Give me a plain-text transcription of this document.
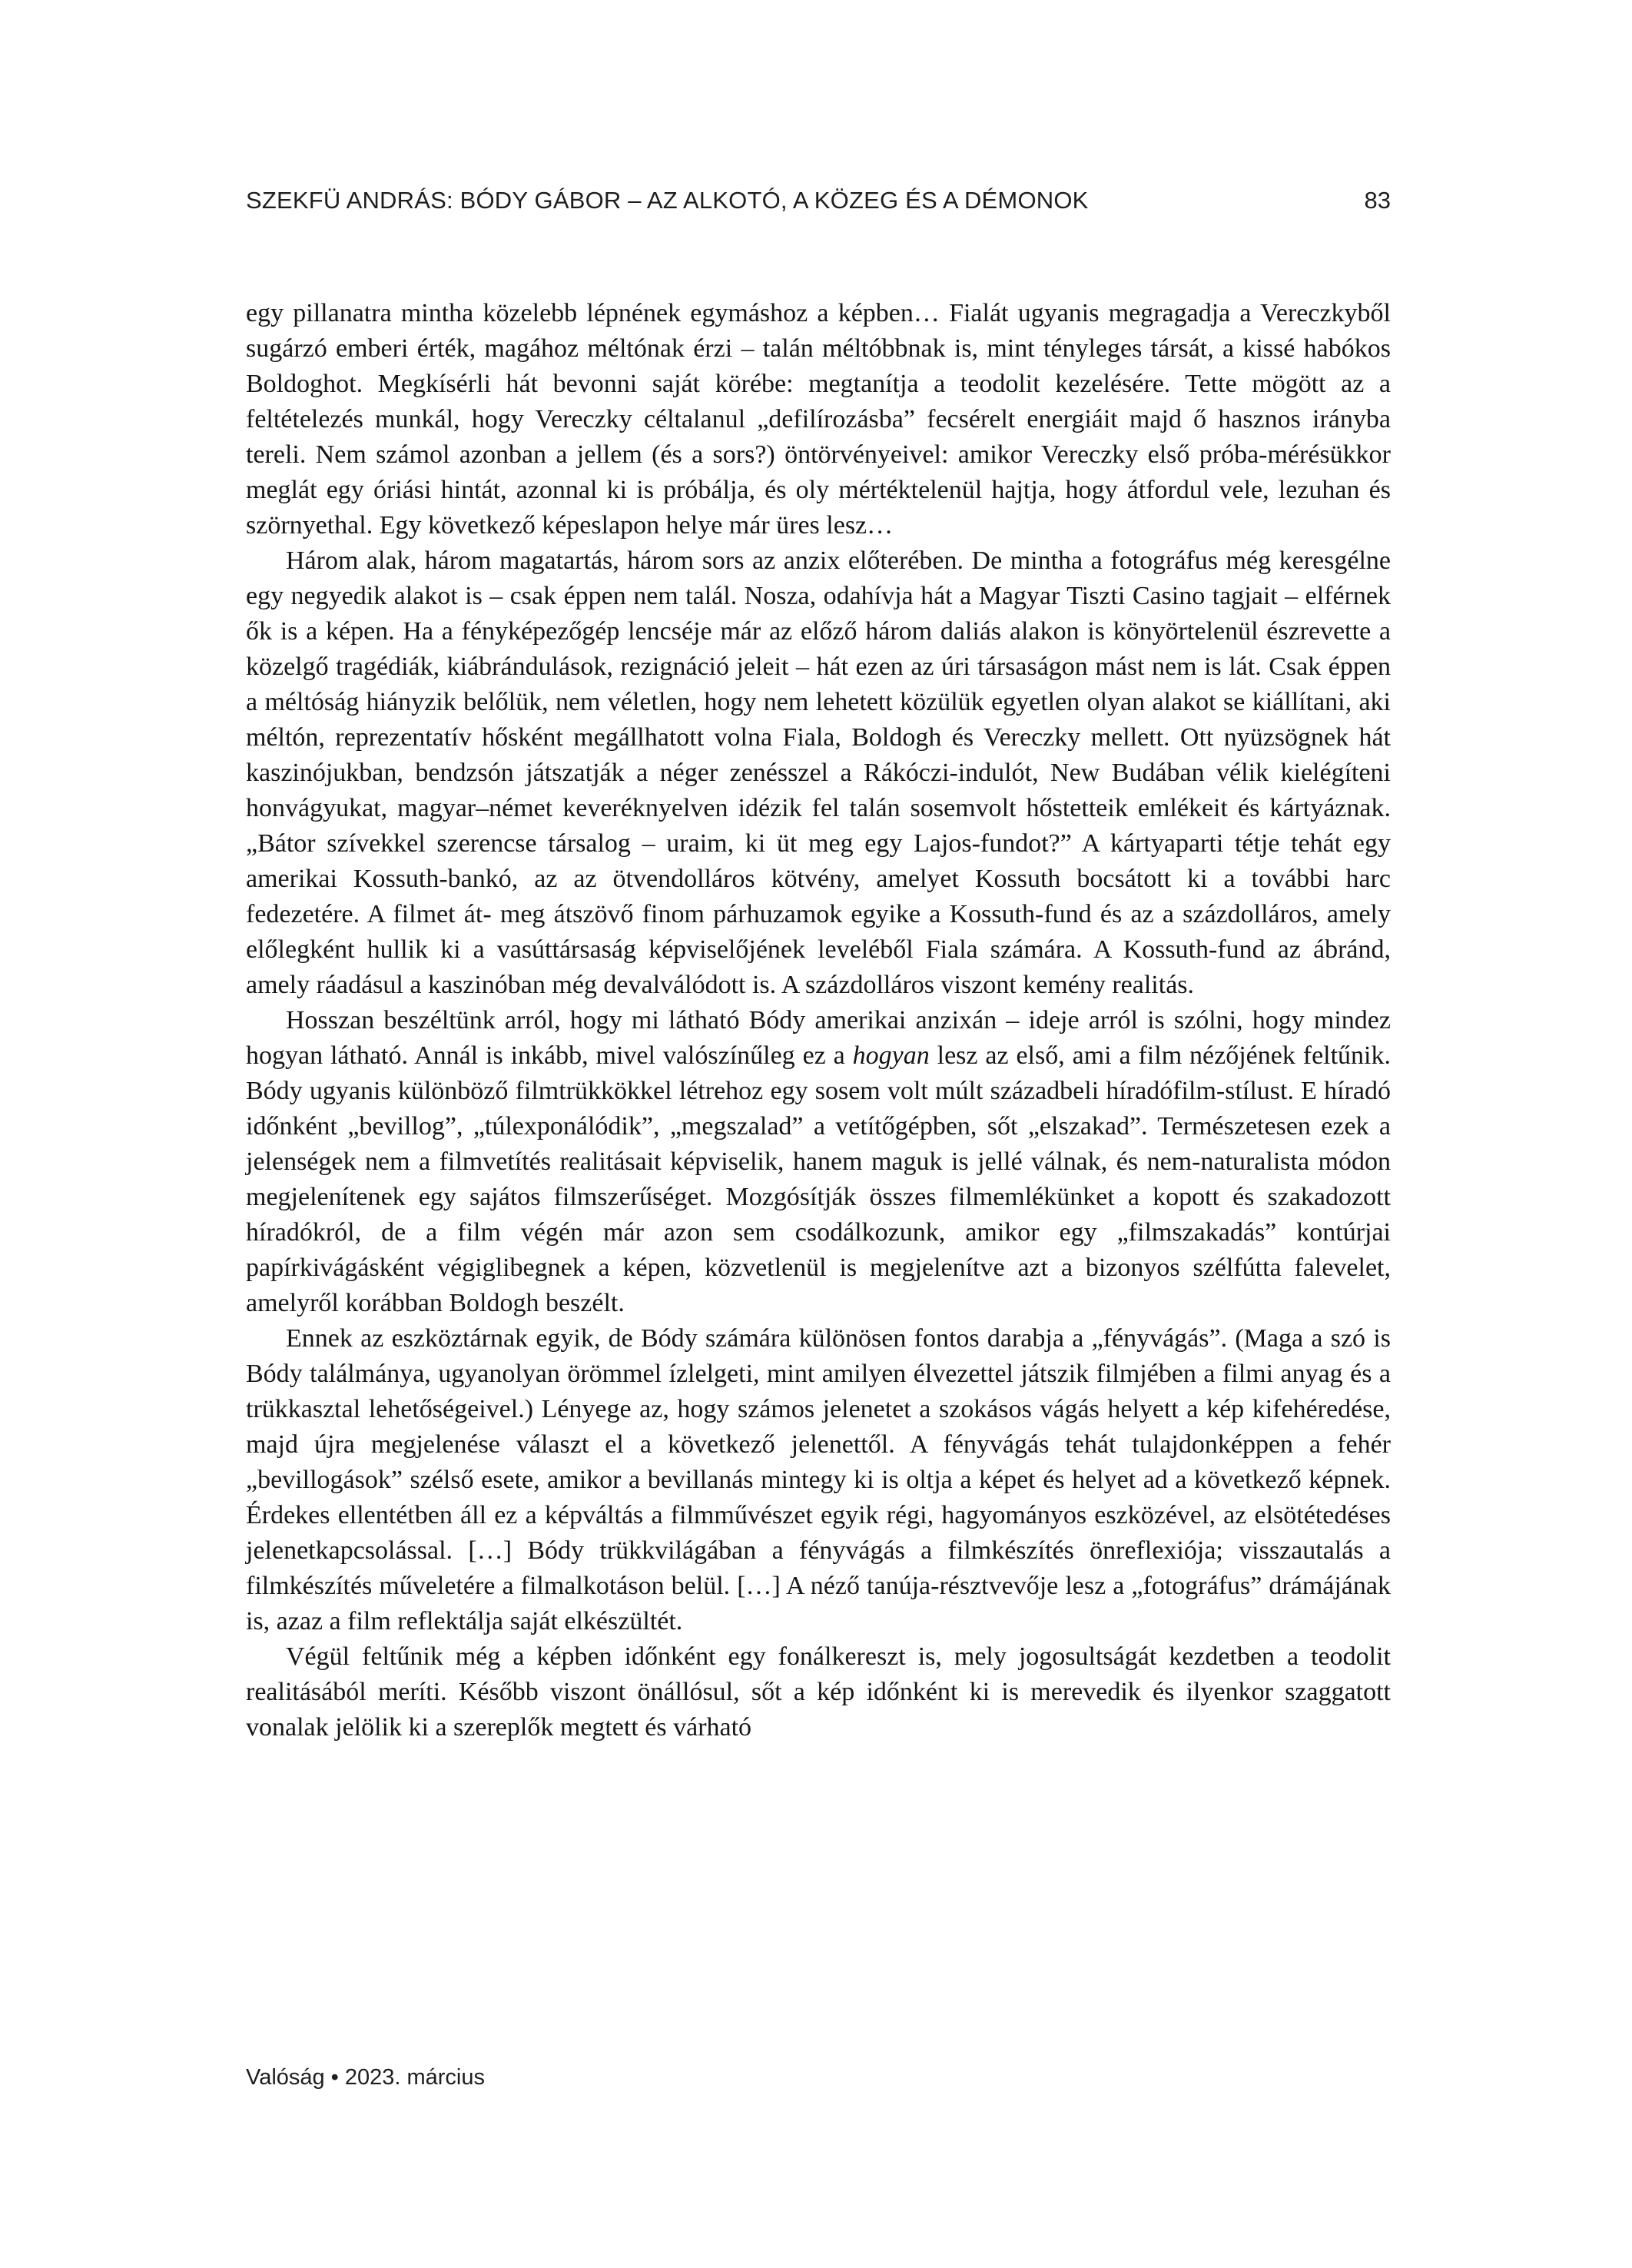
SZEKFÜ ANDRÁS: BÓDY GÁBOR – AZ ALKOTÓ, A KÖZEG ÉS A DÉMONOK	83

egy pillanatra mintha közelebb lépnének egymáshoz a képben… Fialát ugyanis megragadja a Vereczkyből sugárzó emberi érték, magához méltónak érzi – talán méltóbbnak is, mint tényleges társát, a kissé habókos Boldoghot. Megkísérli hát bevonni saját körébe: megtanítja a teodolit kezelésére. Tette mögött az a feltételezés munkál, hogy Vereczky céltalanul „defilírozásba” fecsérelt energiáit majd ő hasznos irányba tereli. Nem számol azonban a jellem (és a sors?) öntörvényeivel: amikor Vereczky első próba-mérésükkor meglát egy óriási hintát, azonnal ki is próbálja, és oly mértéktelenül hajtja, hogy átfordul vele, lezuhan és szörnyethal. Egy következő képeslapon helye már üres lesz…

Három alak, három magatartás, három sors az anzix előterében. De mintha a fotográfus még keresgélne egy negyedik alakot is – csak éppen nem talál. Nosza, odahívja hát a Magyar Tiszti Casino tagjait – elférnek ők is a képen. Ha a fényképezőgép lencséje már az előző három daliás alakon is könyörtelenül észrevette a közelgő tragédiák, kiábrándulások, rezignáció jeleit – hát ezen az úri társaságon mást nem is lát. Csak éppen a méltóság hiányzik belőlük, nem véletlen, hogy nem lehetett közülük egyetlen olyan alakot se kiállítani, aki méltón, reprezentatív hősként megállhatott volna Fiala, Boldogh és Vereczky mellett. Ott nyüzsögnek hát kaszinójukban, bendzsón játszatják a néger zenésszel a Rákóczi-indulót, New Budában vélik kielégíteni honvágyukat, magyar–német keveréknyelven idézik fel talán sosemvolt hőstetteik emlékeit és kártyáznak. „Bátor szívekkel szerencse társalog – uraim, ki üt meg egy Lajos-fundot?” A kártyaparti tétje tehát egy amerikai Kossuth-bankó, az az ötvendolláros kötvény, amelyet Kossuth bocsátott ki a további harc fedezetére. A filmet át- meg átszövő finom párhuzamok egyike a Kossuth-fund és az a százdolláros, amely előlegként hullik ki a vasúttársaság képviselőjének leveléből Fiala számára. A Kossuth-fund az ábránd, amely ráadásul a kaszinóban még devalválódott is. A százdolláros viszont kemény realitás.

Hosszan beszéltünk arról, hogy mi látható Bódy amerikai anzixán – ideje arról is szólni, hogy mindez hogyan látható. Annál is inkább, mivel valószínűleg ez a hogyan lesz az első, ami a film nézőjének feltűnik. Bódy ugyanis különböző filmtrükkökkel létrehoz egy sosem volt múlt századbeli híradófilm-stílust. E híradó időnként „bevillog”, „túlexponálódik”, „megszalad” a vetítőgépben, sőt „elszakad”. Természetesen ezek a jelenségek nem a filmvetítés realitásait képviselik, hanem maguk is jellé válnak, és nem-naturalista módon megjelenítenek egy sajátos filmszerűséget. Mozgósítják összes filmemlékünket a kopott és szakadozott híradókról, de a film végén már azon sem csodálkozunk, amikor egy „filmszakadás” kontúrjai papírkivágásként végiglibegnek a képen, közvetlenül is megjelenítve azt a bizonyos szélfútta falevelet, amelyről korábban Boldogh beszélt.

Ennek az eszköztárnak egyik, de Bódy számára különösen fontos darabja a „fényvágás”. (Maga a szó is Bódy találmánya, ugyanolyan örömmel ízlelgeti, mint amilyen élvezettel játszik filmjében a filmi anyag és a trükkasztal lehetőségeivel.) Lényege az, hogy számos jelenetet a szokásos vágás helyett a kép kifehéredése, majd újra megjelenése választ el a következő jelenettől. A fényvágás tehát tulajdonképpen a fehér „bevillogások” szélső esete, amikor a bevillanás mintegy ki is oltja a képet és helyet ad a következő képnek. Érdekes ellentétben áll ez a képváltás a filmművészet egyik régi, hagyományos eszközével, az elsötétedéses jelenetkapcsolással. […] Bódy trükkvilágában a fényvágás a filmkészítés önreflexiója; visszautalás a filmkészítés műveletére a filmalkotáson belül. […] A néző tanúja-résztvevője lesz a „fotográfus” drámájának is, azaz a film reflektálja saját elkészültét.

Végül feltűnik még a képben időnként egy fonálkereszt is, mely jogosultságát kezdetben a teodolit realitásából meríti. Később viszont önállósul, sőt a kép időnként ki is merevedik és ilyenkor szaggatott vonalak jelölik ki a szereplők megtett és várható

Valóság • 2023. március
